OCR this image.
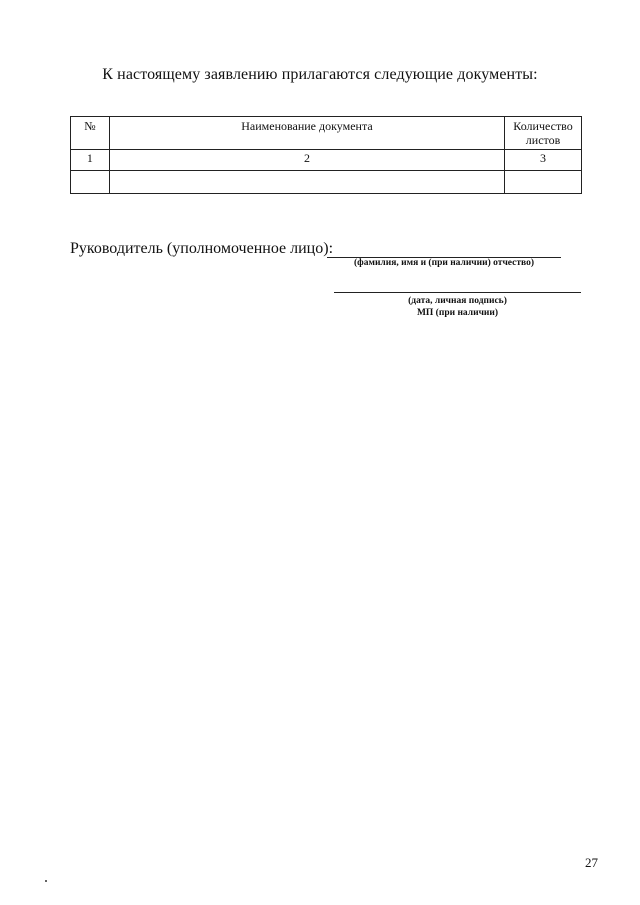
К настоящему заявлению прилагаются следующие документы:
№	Наименование документа	Количество
листов

1	2	3

Руководитель (уполномоченное лицо):
(фамилия, имя и (при наличии) отчество)
(дата, личная подпись)
МП (при наличии)
27
